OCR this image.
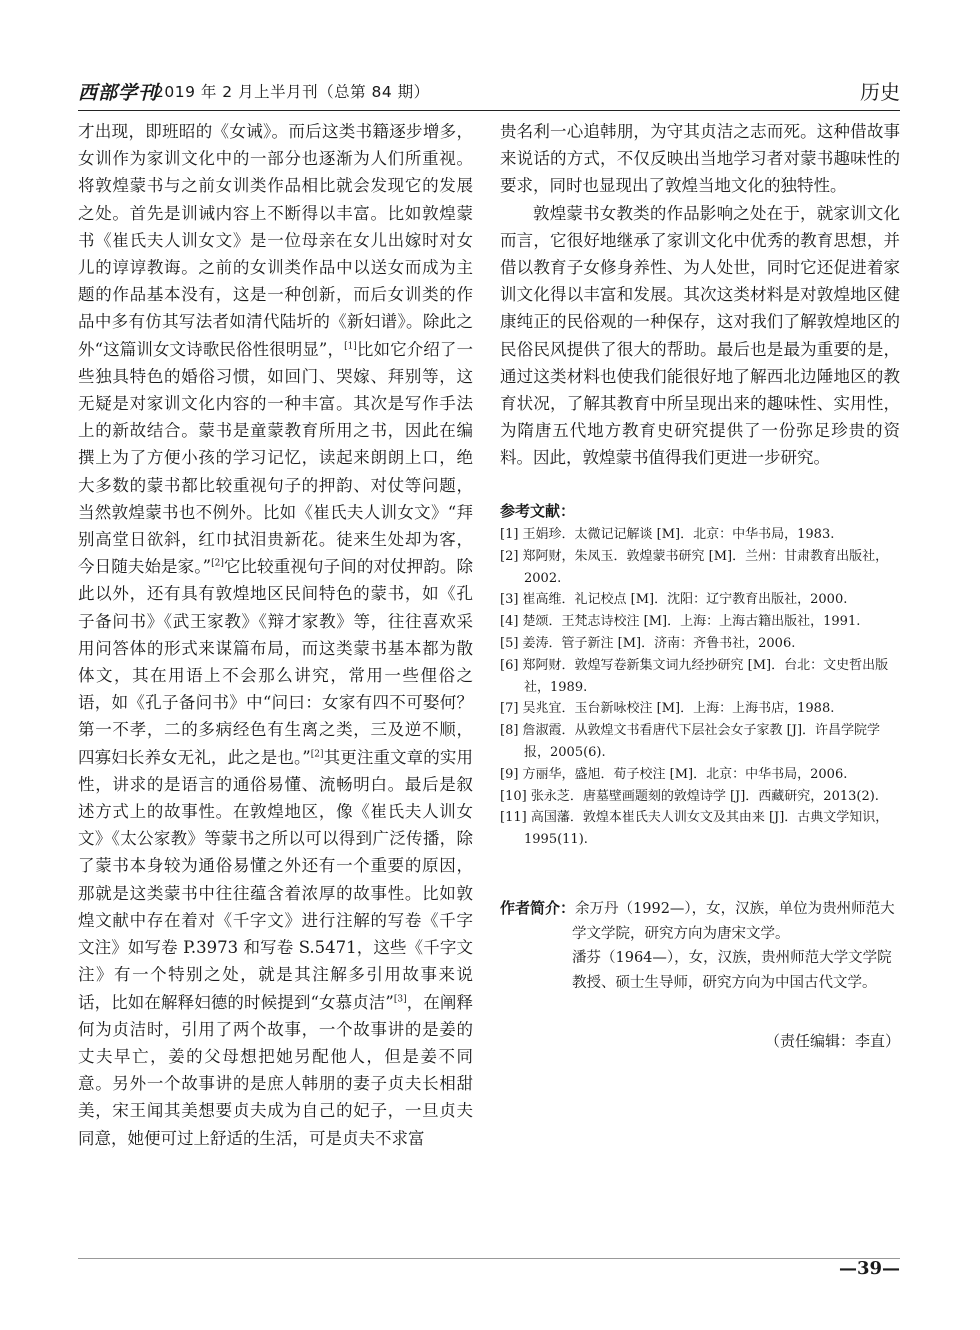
西部学刊
2019 年 2 月上半月刊（总第 84 期）	历史

才出现，即班昭的《女诫》。而后这类书籍逐步增多，女训作为家训文化中的一部分也逐渐为人们所重视。将敦煌蒙书与之前女训类作品相比就会发现它的发展之处。首先是训诫内容上不断得以丰富。比如敦煌蒙书《崔氏夫人训女文》是一位母亲在女儿出嫁时对女儿的谆谆教诲。之前的女训类作品中以送女而成为主题的作品基本没有，这是一种创新，而后女训类的作品中多有仿其写法者如清代陆圻的《新妇谱》。除此之外“这篇训女文诗歌民俗性很明显”，[1]比如它介绍了一些独具特色的婚俗习惯，如回门、哭嫁、拜别等，这无疑是对家训文化内容的一种丰富。其次是写作手法上的新故结合。蒙书是童蒙教育所用之书，因此在编撰上为了方便小孩的学习记忆，读起来朗朗上口，绝大多数的蒙书都比较重视句子的押韵、对仗等问题，当然敦煌蒙书也不例外。比如《崔氏夫人训女文》“拜别高堂日欲斜，红巾拭泪贵新花。徒来生处却为客，今日随夫始是家。”[2]它比较重视句子间的对仗押韵。除此以外，还有具有敦煌地区民间特色的蒙书，如《孔子备问书》《武王家教》《辩才家教》等，往往喜欢采用问答体的形式来谋篇布局，而这类蒙书基本都为散体文，其在用语上不会那么讲究，常用一些俚俗之语，如《孔子备问书》中“问曰：女家有四不可娶何？第一不孝，二的多病经色有生离之类，三及逆不顺，四寡妇长养女无礼，此之是也。”[2]其更注重文章的实用性，讲求的是语言的通俗易懂、流畅明白。最后是叙述方式上的故事性。在敦煌地区，像《崔氏夫人训女文》《太公家教》等蒙书之所以可以得到广泛传播，除了蒙书本身较为通俗易懂之外还有一个重要的原因，那就是这类蒙书中往往蕴含着浓厚的故事性。比如敦煌文献中存在着对《千字文》进行注解的写卷《千字文注》如写卷 P.3973 和写卷 S.5471，这些《千字文注》有一个特别之处，就是其注解多引用故事来说话，比如在解释妇德的时候提到“女慕贞洁”[3]，在阐释何为贞洁时，引用了两个故事，一个故事讲的是姜的丈夫早亡，姜的父母想把她另配他人，但是姜不同意。另外一个故事讲的是庶人韩朋的妻子贞夫长相甜美，宋王闻其美想要贞夫成为自己的妃子，一旦贞夫同意，她便可过上舒适的生活，可是贞夫不求富

贵名利一心追韩朋，为守其贞洁之志而死。这种借故事来说话的方式，不仅反映出当地学习者对蒙书趣味性的要求，同时也显现出了敦煌当地文化的独特性。

敦煌蒙书女教类的作品影响之处在于，就家训文化而言，它很好地继承了家训文化中优秀的教育思想，并借以教育子女修身养性、为人处世，同时它还促进着家训文化得以丰富和发展。其次这类材料是对敦煌地区健康纯正的民俗观的一种保存，这对我们了解敦煌地区的民俗民风提供了很大的帮助。最后也是最为重要的是，通过这类材料也使我们能很好地了解西北边陲地区的教育状况，了解其教育中所呈现出来的趣味性、实用性，为隋唐五代地方教育史研究提供了一份弥足珍贵的资料。因此，敦煌蒙书值得我们更进一步研究。

参考文献：
[1] 王娟珍．太微记记解谈 [M]．北京：中华书局，1983.
[2] 郑阿财，朱凤玉．敦煌蒙书研究 [M]．兰州：甘肃教育出版社，2002.
[3] 崔高维．礼记校点 [M]．沈阳：辽宁教育出版社，2000.
[4] 楚颂．王梵志诗校注 [M]．上海：上海古籍出版社，1991.
[5] 姜涛．管子新注 [M]．济南：齐鲁书社，2006.
[6] 郑阿财．敦煌写卷新集文词九经抄研究 [M]．台北：文史哲出版社，1989.
[7] 吴兆宜．玉台新咏校注 [M]．上海：上海书店，1988.
[8] 詹淑霞．从敦煌文书看唐代下层社会女子家教 [J]．许昌学院学报，2005(6).
[9] 方丽华，盛旭．荀子校注 [M]．北京：中华书局，2006.
[10] 张永芝．唐墓壁画题刻的敦煌诗学 [J]．西藏研究，2013(2).
[11] 高国藩．敦煌本崔氏夫人训女文及其由来 [J]．古典文学知识，1995(11).
作者简介：余万丹（1992—），女，汉族，单位为贵州师范大学文学院，研究方向为唐宋文学。
潘芬（1964—），女，汉族，贵州师范大学文学院教授、硕士生导师，研究方向为中国古代文学。
（责任编辑：李直）
—39—
